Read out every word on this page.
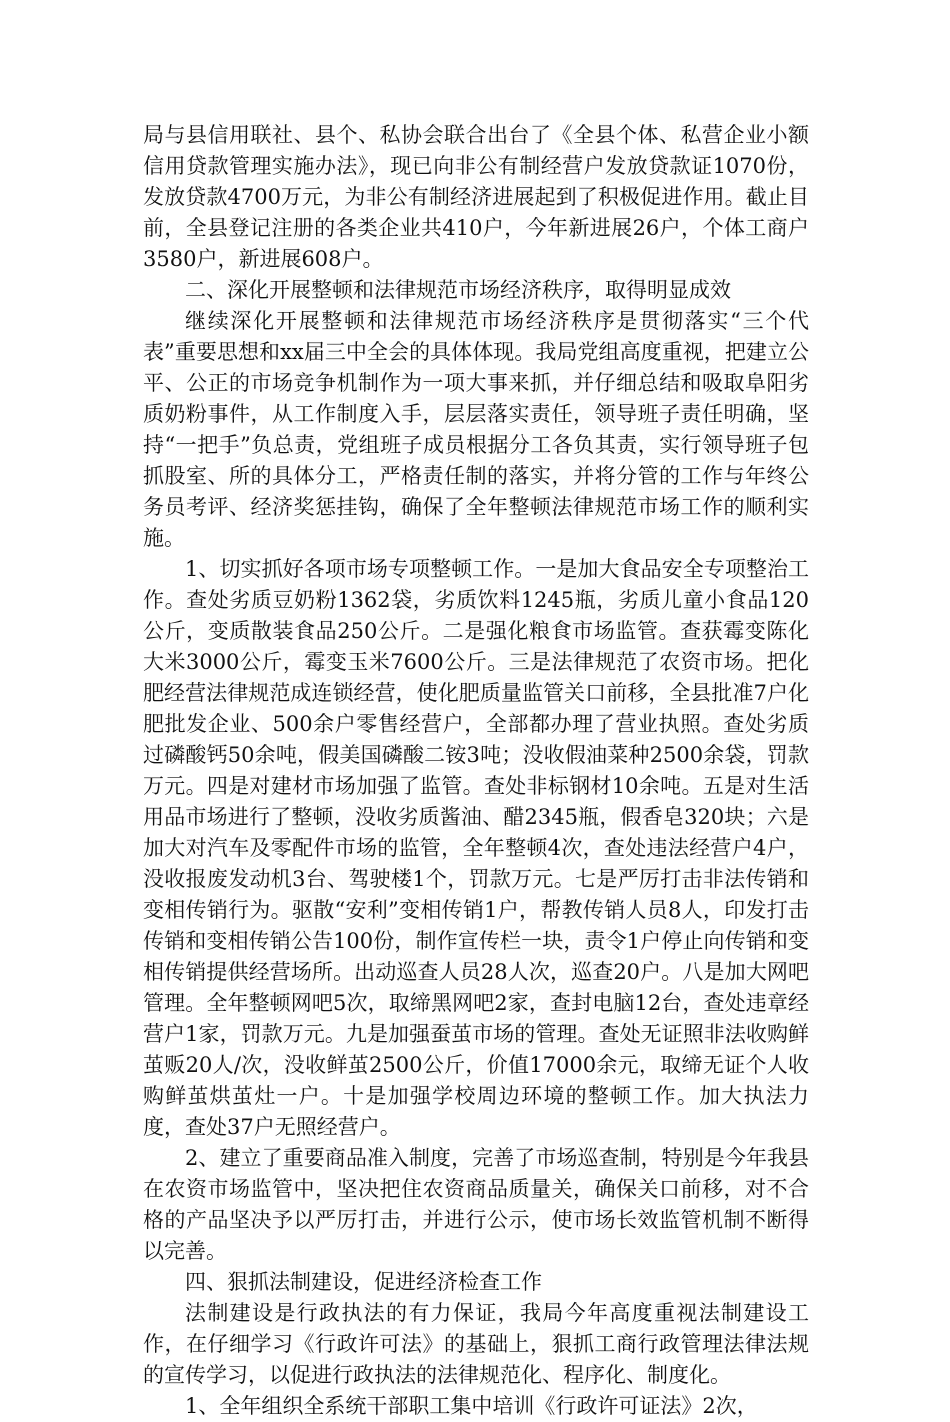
局与县信用联社、县个、私协会联合出台了《全县个体、私营企业小额信用贷款管理实施办法》，现已向非公有制经营户发放贷款证1070份，发放贷款4700万元，为非公有制经济进展起到了积极促进作用。截止目前，全县登记注册的各类企业共410户，今年新进展26户，个体工商户3580户，新进展608户。

二、深化开展整顿和法律规范市场经济秩序，取得明显成效

继续深化开展整顿和法律规范市场经济秩序是贯彻落实“三个代表”重要思想和xx届三中全会的具体体现。我局党组高度重视，把建立公平、公正的市场竞争机制作为一项大事来抓，并仔细总结和吸取阜阳劣质奶粉事件，从工作制度入手，层层落实责任，领导班子责任明确，坚持“一把手”负总责，党组班子成员根据分工各负其责，实行领导班子包抓股室、所的具体分工，严格责任制的落实，并将分管的工作与年终公务员考评、经济奖惩挂钩，确保了全年整顿法律规范市场工作的顺利实施。

1、切实抓好各项市场专项整顿工作。一是加大食品安全专项整治工作。查处劣质豆奶粉1362袋，劣质饮料1245瓶，劣质儿童小食品120公斤，变质散装食品250公斤。二是强化粮食市场监管。查获霉变陈化大米3000公斤，霉变玉米7600公斤。三是法律规范了农资市场。把化肥经营法律规范成连锁经营，使化肥质量监管关口前移，全县批准7户化肥批发企业、500余户零售经营户，全部都办理了营业执照。查处劣质过磷酸钙50余吨，假美国磷酸二铵3吨；没收假油菜种2500余袋，罚款万元。四是对建材市场加强了监管。查处非标钢材10余吨。五是对生活用品市场进行了整顿，没收劣质酱油、醋2345瓶，假香皂320块；六是加大对汽车及零配件市场的监管，全年整顿4次，查处违法经营户4户，没收报废发动机3台、驾驶楼1个，罚款万元。七是严厉打击非法传销和变相传销行为。驱散“安利”变相传销1户，帮教传销人员8人，印发打击传销和变相传销公告100份，制作宣传栏一块，责令1户停止向传销和变相传销提供经营场所。出动巡查人员28人次，巡查20户。八是加大网吧管理。全年整顿网吧5次，取缔黑网吧2家，查封电脑12台，查处违章经营户1家，罚款万元。九是加强蚕茧市场的管理。查处无证照非法收购鲜茧贩20人/次，没收鲜茧2500公斤，价值17000余元，取缔无证个人收购鲜茧烘茧灶一户。十是加强学校周边环境的整顿工作。加大执法力度，查处37户无照经营户。

2、建立了重要商品准入制度，完善了市场巡查制，特别是今年我县在农资市场监管中，坚决把住农资商品质量关，确保关口前移，对不合格的产品坚决予以严厉打击，并进行公示，使市场长效监管机制不断得以完善。

四、狠抓法制建设，促进经济检查工作

法制建设是行政执法的有力保证，我局今年高度重视法制建设工作，在仔细学习《行政许可法》的基础上，狠抓工商行政管理法律法规的宣传学习，以促进行政执法的法律规范化、程序化、制度化。

1、全年组织全系统干部职工集中培训《行政许可证法》2次，
